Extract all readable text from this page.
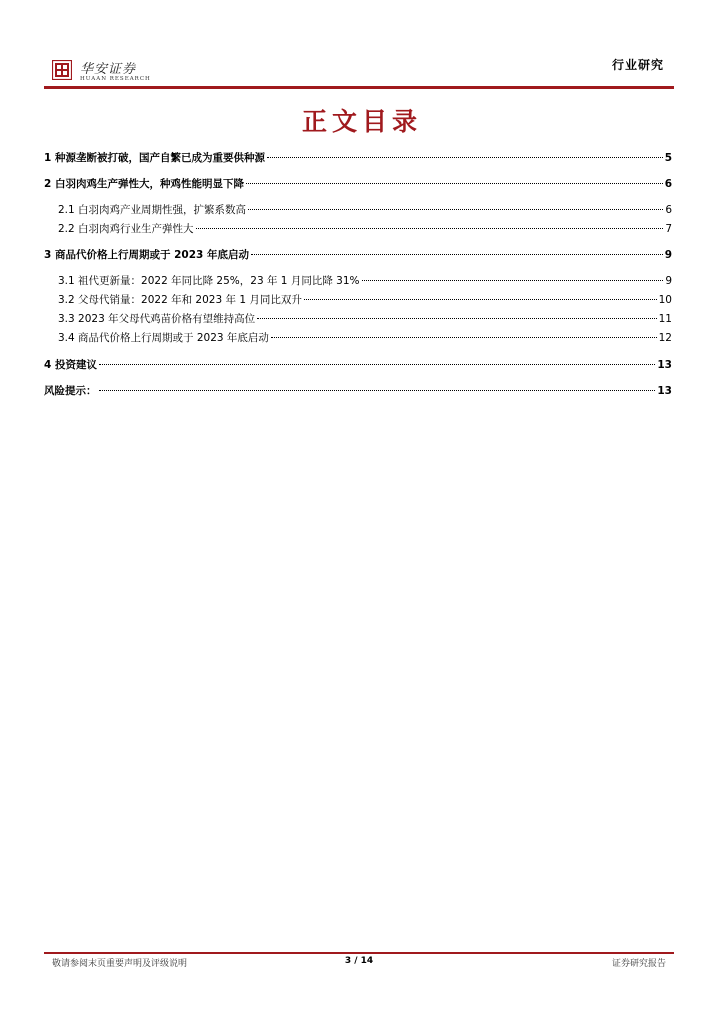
华安证券
HUAAN RESEARCH
行业研究
正文目录
1 种源垄断被打破，国产自繁已成为重要供种源	5
2 白羽肉鸡生产弹性大，种鸡性能明显下降	6
2.1 白羽肉鸡产业周期性强，扩繁系数高	6
2.2 白羽肉鸡行业生产弹性大	7
3 商品代价格上行周期或于 2023 年底启动	9
3.1 祖代更新量：2022 年同比降 25%，23 年 1 月同比降 31%	9
3.2 父母代销量：2022 年和 2023 年 1 月同比双升	10
3.3 2023 年父母代鸡苗价格有望维持高位	11
3.4 商品代价格上行周期或于 2023 年底启动	12
4 投资建议	13
风险提示：	13
敬请参阅末页重要声明及评级说明	3 / 14	证券研究报告
